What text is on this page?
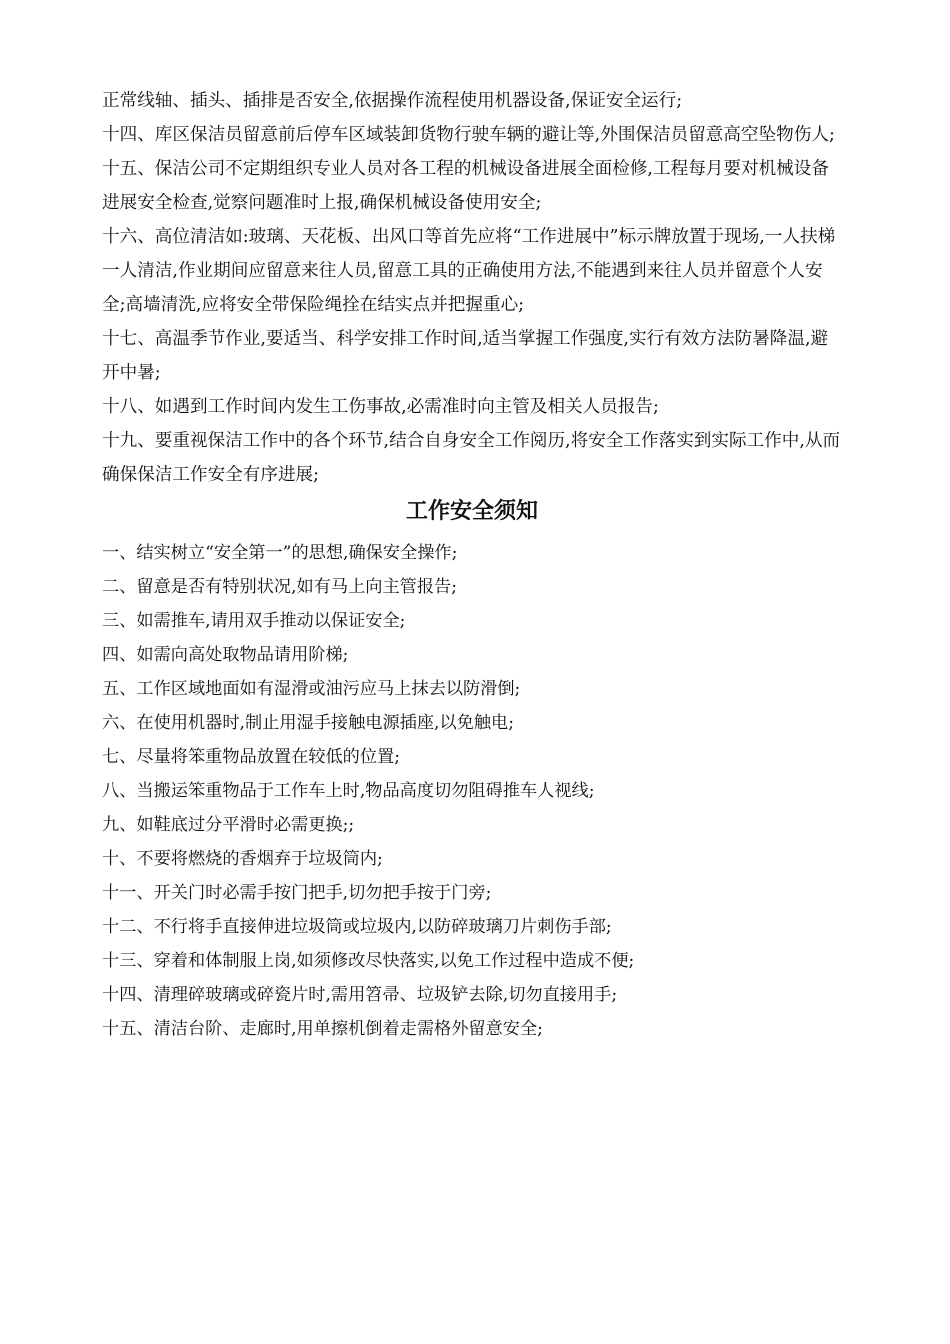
正常线轴、插头、插排是否安全,依据操作流程使用机器设备,保证安全运行;

十四、库区保洁员留意前后停车区域装卸货物行驶车辆的避让等,外围保洁员留意高空坠物伤人;

十五、保洁公司不定期组织专业人员对各工程的机械设备进展全面检修,工程每月要对机械设备进展安全检查,觉察问题准时上报,确保机械设备使用安全;

十六、高位清洁如:玻璃、天花板、出风口等首先应将“工作进展中”标示牌放置于现场,一人扶梯一人清洁,作业期间应留意来往人员,留意工具的正确使用方法,不能遇到来往人员并留意个人安全;高墙清洗,应将安全带保险绳拴在结实点并把握重心;

十七、高温季节作业,要适当、科学安排工作时间,适当掌握工作强度,实行有效方法防暑降温,避开中暑;

十八、如遇到工作时间内发生工伤事故,必需准时向主管及相关人员报告;

十九、要重视保洁工作中的各个环节,结合自身安全工作阅历,将安全工作落实到实际工作中,从而确保保洁工作安全有序进展;

工作安全须知

一、结实树立“安全第一”的思想,确保安全操作;

二、留意是否有特别状况,如有马上向主管报告;

三、如需推车,请用双手推动以保证安全;

四、如需向高处取物品请用阶梯;

五、工作区域地面如有湿滑或油污应马上抹去以防滑倒;

六、在使用机器时,制止用湿手接触电源插座,以免触电;

七、尽量将笨重物品放置在较低的位置;

八、当搬运笨重物品于工作车上时,物品高度切勿阻碍推车人视线;

九、如鞋底过分平滑时必需更换;;

十、不要将燃烧的香烟弃于垃圾筒内;

十一、开关门时必需手按门把手,切勿把手按于门旁;

十二、不行将手直接伸进垃圾筒或垃圾内,以防碎玻璃刀片刺伤手部;

十三、穿着和体制服上岗,如须修改尽快落实,以免工作过程中造成不便;

十四、清理碎玻璃或碎瓷片时,需用笤帚、垃圾铲去除,切勿直接用手;

十五、清洁台阶、走廊时,用单擦机倒着走需格外留意安全;
